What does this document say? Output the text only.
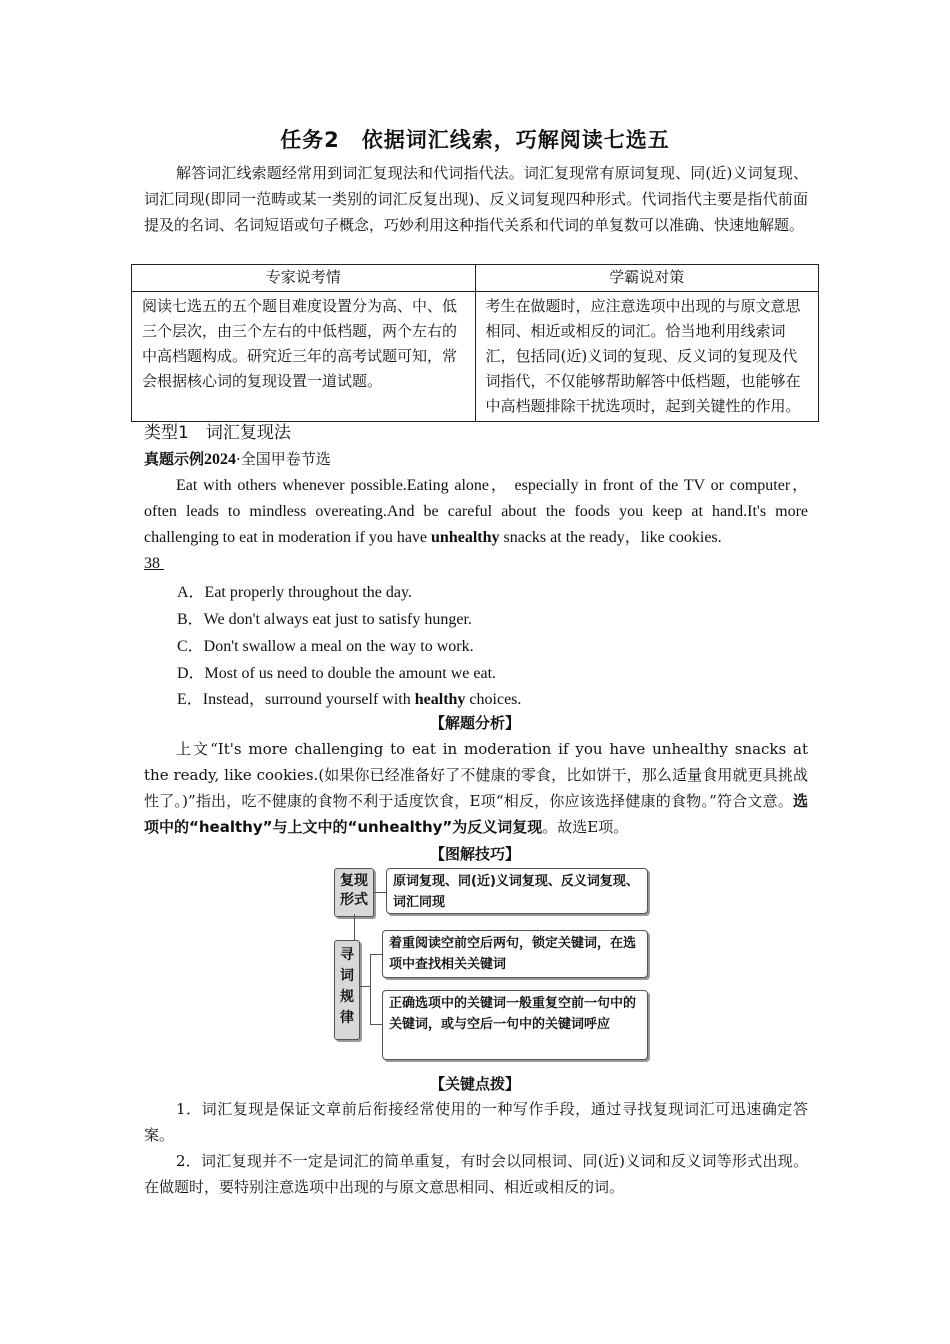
任务2　依据词汇线索，巧解阅读七选五
解答词汇线索题经常用到词汇复现法和代词指代法。词汇复现常有原词复现、同(近)义词复现、词汇同现(即同一范畴或某一类别的词汇反复出现)、反义词复现四种形式。代词指代主要是指代前面提及的名词、名词短语或句子概念，巧妙利用这种指代关系和代词的单复数可以准确、快速地解题。
专家说考情	学霸说对策
阅读七选五的五个题目难度设置分为高、中、低三个层次，由三个左右的中低档题，两个左右的中高档题构成。研究近三年的高考试题可知，常会根据核心词的复现设置一道试题。	考生在做题时，应注意选项中出现的与原文意思相同、相近或相反的词汇。恰当地利用线索词汇，包括同(近)义词的复现、反义词的复现及代词指代，不仅能够帮助解答中低档题，也能够在中高档题排除干扰选项时，起到关键性的作用。
类型1　词汇复现法
真题示例2024·全国甲卷节选
Eat with others whenever possible.Eating alone， especially in front of the TV or computer，often leads to mindless overeating.And be careful about the foods you keep at hand.It's more challenging to eat in moderation if you have unhealthy snacks at the ready，like cookies.
38
A．Eat properly throughout the day.
B．We don't always eat just to satisfy hunger.
C．Don't swallow a meal on the way to work.
D．Most of us need to double the amount we eat.
E．Instead，surround yourself with healthy choices.
【解题分析】
上文“It's more challenging to eat in moderation if you have unhealthy snacks at the ready, like cookies.(如果你已经准备好了不健康的零食，比如饼干，那么适量食用就更具挑战性了。)”指出，吃不健康的食物不利于适度饮食，E项“相反，你应该选择健康的食物。”符合文意。选项中的“healthy”与上文中的“unhealthy”为反义词复现。故选E项。
【图解技巧】
复现形式
原词复现、同(近)义词复现、反义词复现、词汇同现
寻词规律
着重阅读空前空后两句，锁定关键词，在选项中查找相关关键词
正确选项中的关键词一般重复空前一句中的关键词，或与空后一句中的关键词呼应
【关键点拨】
1．词汇复现是保证文章前后衔接经常使用的一种写作手段，通过寻找复现词汇可迅速确定答案。
2．词汇复现并不一定是词汇的简单重复，有时会以同根词、同(近)义词和反义词等形式出现。在做题时，要特别注意选项中出现的与原文意思相同、相近或相反的词。
